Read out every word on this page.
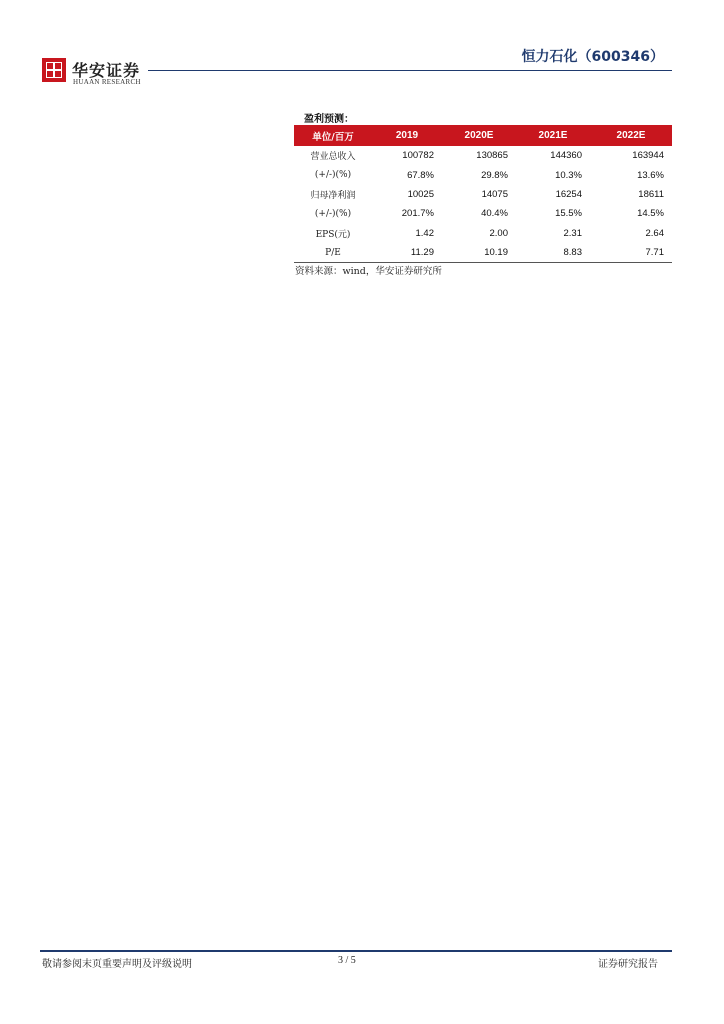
华安证券
HUAAN RESEARCH
恒力石化（600346）
盈利预测：
单位/百万	2019	2020E	2021E	2022E
营业总收入	100782	130865	144360	163944
(+/-)(%)	67.8%	29.8%	10.3%	13.6%
归母净利润	10025	14075	16254	18611
(+/-)(%)	201.7%	40.4%	15.5%	14.5%
EPS(元)	1.42	2.00	2.31	2.64
P/E	11.29	10.19	8.83	7.71
资料来源：wind，华安证券研究所
敬请参阅末页重要声明及评级说明	3 / 5	证券研究报告
